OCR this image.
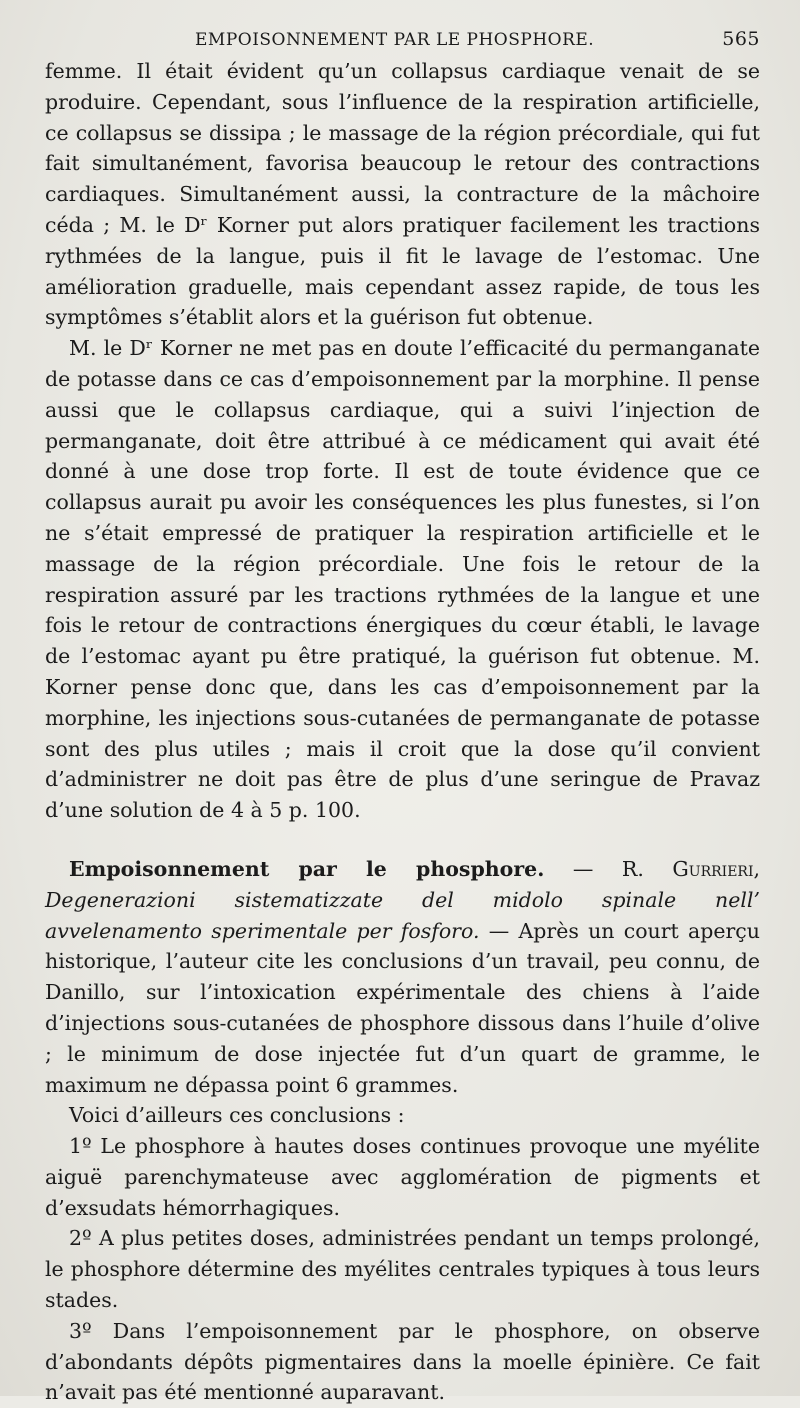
EMPOISONNEMENT PAR LE PHOSPHORE.	565

femme. Il était évident qu’un collapsus cardiaque venait de se produire. Cependant, sous l’influence de la respiration artificielle, ce collapsus se dissipa ; le massage de la région précordiale, qui fut fait simultanément, favorisa beaucoup le retour des contractions cardiaques. Simultanément aussi, la contracture de la mâchoire céda ; M. le Dʳ Korner put alors pratiquer facilement les tractions rythmées de la langue, puis il fit le lavage de l’estomac. Une amélioration graduelle, mais cependant assez rapide, de tous les symptômes s’établit alors et la guérison fut obtenue.

M. le Dʳ Korner ne met pas en doute l’efficacité du permanganate de potasse dans ce cas d’empoisonnement par la morphine. Il pense aussi que le collapsus cardiaque, qui a suivi l’injection de permanganate, doit être attribué à ce médicament qui avait été donné à une dose trop forte. Il est de toute évidence que ce collapsus aurait pu avoir les conséquences les plus funestes, si l’on ne s’était empressé de pratiquer la respiration artificielle et le massage de la région précordiale. Une fois le retour de la respiration assuré par les tractions rythmées de la langue et une fois le retour de contractions énergiques du cœur établi, le lavage de l’estomac ayant pu être pratiqué, la guérison fut obtenue. M. Korner pense donc que, dans les cas d’empoisonnement par la morphine, les injections sous-cutanées de permanganate de potasse sont des plus utiles ; mais il croit que la dose qu’il convient d’administrer ne doit pas être de plus d’une seringue de Pravaz d’une solution de 4 à 5 p. 100.

Empoisonnement par le phosphore. — R. Gurrieri, Degenerazioni sistematizzate del midolo spinale nell’ avvelenamento sperimentale per fosforo. — Après un court aperçu historique, l’auteur cite les conclusions d’un travail, peu connu, de Danillo, sur l’intoxication expérimentale des chiens à l’aide d’injections sous-cutanées de phosphore dissous dans l’huile d’olive ; le minimum de dose injectée fut d’un quart de gramme, le maximum ne dépassa point 6 grammes.

Voici d’ailleurs ces conclusions :

1º Le phosphore à hautes doses continues provoque une myélite aiguë parenchymateuse avec agglomération de pigments et d’exsudats hémorrhagiques.

2º A plus petites doses, administrées pendant un temps prolongé, le phosphore détermine des myélites centrales typiques à tous leurs stades.

3º Dans l’empoisonnement par le phosphore, on observe d’abondants dépôts pigmentaires dans la moelle épinière. Ce fait n’avait pas été mentionné auparavant.
